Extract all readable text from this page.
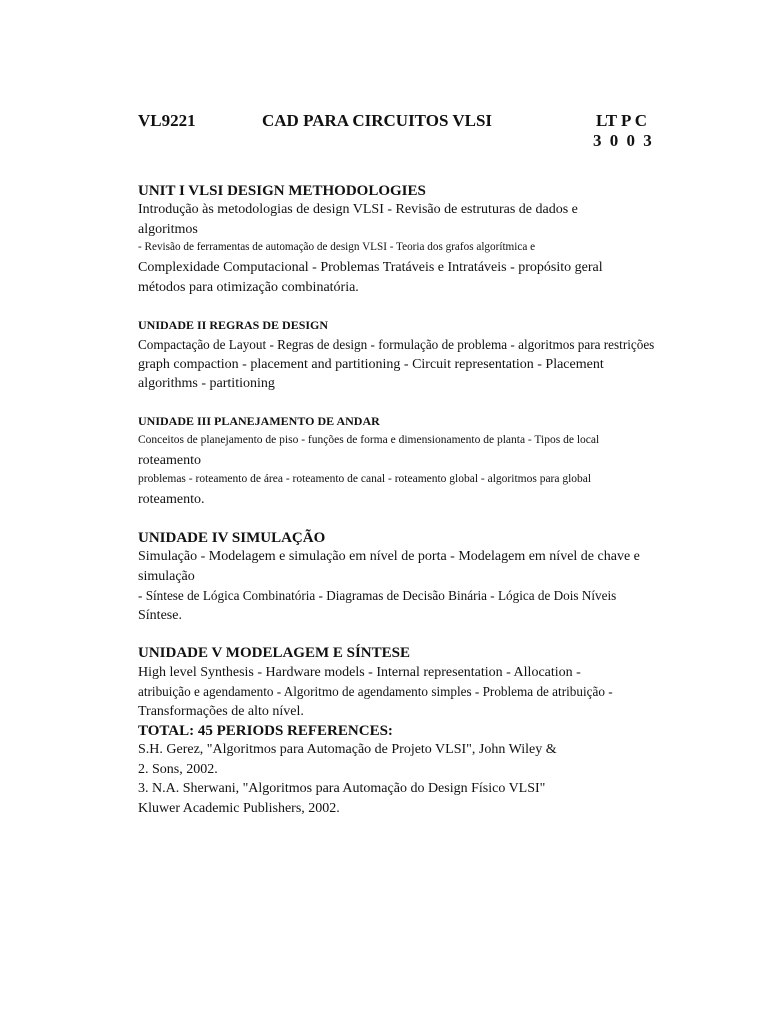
VL9221	CAD PARA CIRCUITOS VLSI	LT P C
3 0 0 3
UNIT I VLSI DESIGN METHODOLOGIES
Introdução às metodologias de design VLSI - Revisão de estruturas de dados e
algoritmos
- Revisão de ferramentas de automação de design VLSI - Teoria dos grafos algorítmica e
Complexidade Computacional - Problemas Tratáveis e Intratáveis - propósito geral
métodos para otimização combinatória.
UNIDADE II REGRAS DE DESIGN
Compactação de Layout - Regras de design - formulação de problema - algoritmos para restrições
graph compaction - placement and partitioning - Circuit representation - Placement
algorithms - partitioning
UNIDADE III PLANEJAMENTO DE ANDAR
Conceitos de planejamento de piso - funções de forma e dimensionamento de planta - Tipos de local
roteamento
problemas - roteamento de área - roteamento de canal - roteamento global - algoritmos para global
roteamento.
UNIDADE IV SIMULAÇÃO
Simulação - Modelagem e simulação em nível de porta - Modelagem em nível de chave e
simulação
- Síntese de Lógica Combinatória - Diagramas de Decisão Binária - Lógica de Dois Níveis
Síntese.
UNIDADE V MODELAGEM E SÍNTESE
High level Synthesis - Hardware models - Internal representation - Allocation -
atribuição e agendamento - Algoritmo de agendamento simples - Problema de atribuição -
Transformações de alto nível.
TOTAL: 45 PERIODS REFERENCES:
S.H. Gerez, "Algoritmos para Automação de Projeto VLSI", John Wiley &
2. Sons, 2002.
3. N.A. Sherwani, "Algoritmos para Automação do Design Físico VLSI"
Kluwer Academic Publishers, 2002.
